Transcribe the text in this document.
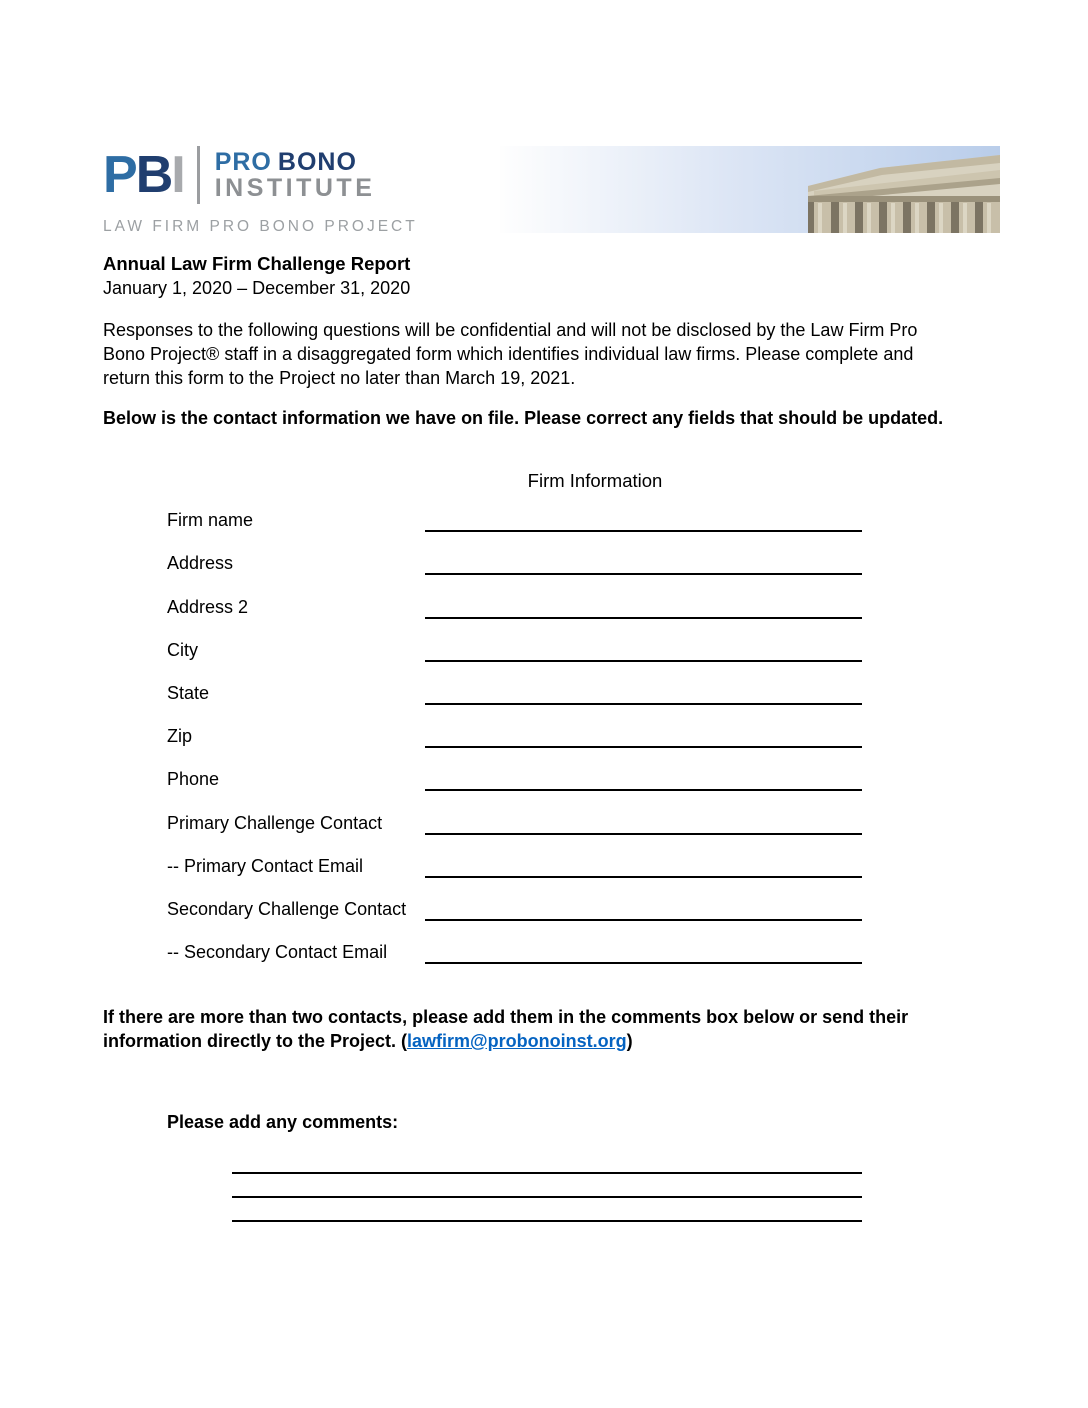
PBI PRO BONO
INSTITUTE
LAW FIRM PRO BONO PROJECT
Annual Law Firm Challenge Report
January 1, 2020 – December 31, 2020
Responses to the following questions will be confidential and will not be disclosed by the Law Firm Pro
Bono Project® staff in a disaggregated form which identifies individual law firms. Please complete and
return this form to the Project no later than March 19, 2021.
Below is the contact information we have on file. Please correct any fields that should be updated.
Firm Information
Firm name
Address
Address 2
City
State
Zip
Phone
Primary Challenge Contact
-- Primary Contact Email
Secondary Challenge Contact
-- Secondary Contact Email
If there are more than two contacts, please add them in the comments box below or send their
information directly to the Project. (lawfirm@probonoinst.org)
Please add any comments:
